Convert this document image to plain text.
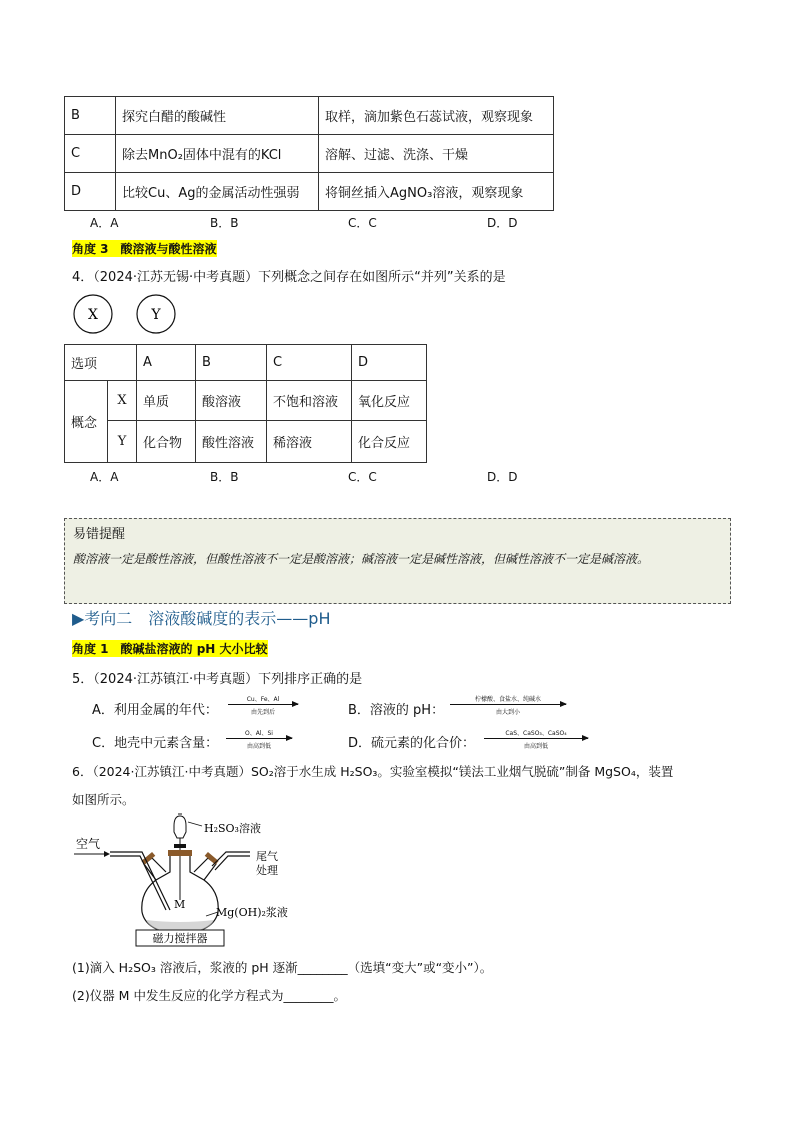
B	探究白醋的酸碱性	取样，滴加紫色石蕊试液，观察现象
C	除去MnO₂固体中混有的KCl	溶解、过滤、洗涤、干燥
D	比较Cu、Ag的金属活动性强弱	将铜丝插入AgNO₃溶液，观察现象
A．A	B．B	C．C	D．D
角度 3　酸溶液与酸性溶液
4．（2024·江苏无锡·中考真题）下列概念之间存在如图所示“并列”关系的是
X	Y
选项		A	B	C	D
概念	X	单质	酸溶液	不饱和溶液	氧化反应
	Y	化合物	酸性溶液	稀溶液	化合反应
A．A	B．B	C．C	D．D
易错提醒
酸溶液一定是酸性溶液，但酸性溶液不一定是酸溶液；碱溶液一定是碱性溶液，但碱性溶液不一定是碱溶液。
▶考向二　溶液酸碱度的表示——pH
角度 1　酸碱盐溶液的 pH 大小比较
5．（2024·江苏镇江·中考真题）下列排序正确的是
A．利用金属的年代：
Cu、Fe、Al
由先到后	B．溶液的 pH：
柠檬酸、食盐水、纯碱水
由大到小
C．地壳中元素含量：
O、Al、Si
由高到低	D．硫元素的化合价：
CaS、CaSO₃、CaSO₄
由高到低
6．（2024·江苏镇江·中考真题）SO₂溶于水生成 H₂SO₃。实验室模拟“镁法工业烟气脱硫”制备 MgSO₄，装置
如图所示。
H₂SO₃溶液
空气
尾气
处理
M
Mg(OH)₂浆液
磁力搅拌器
(1)滴入 H₂SO₃ 溶液后，浆液的 pH 逐渐________（选填“变大”或“变小”）。
(2)仪器 M 中发生反应的化学方程式为________。
